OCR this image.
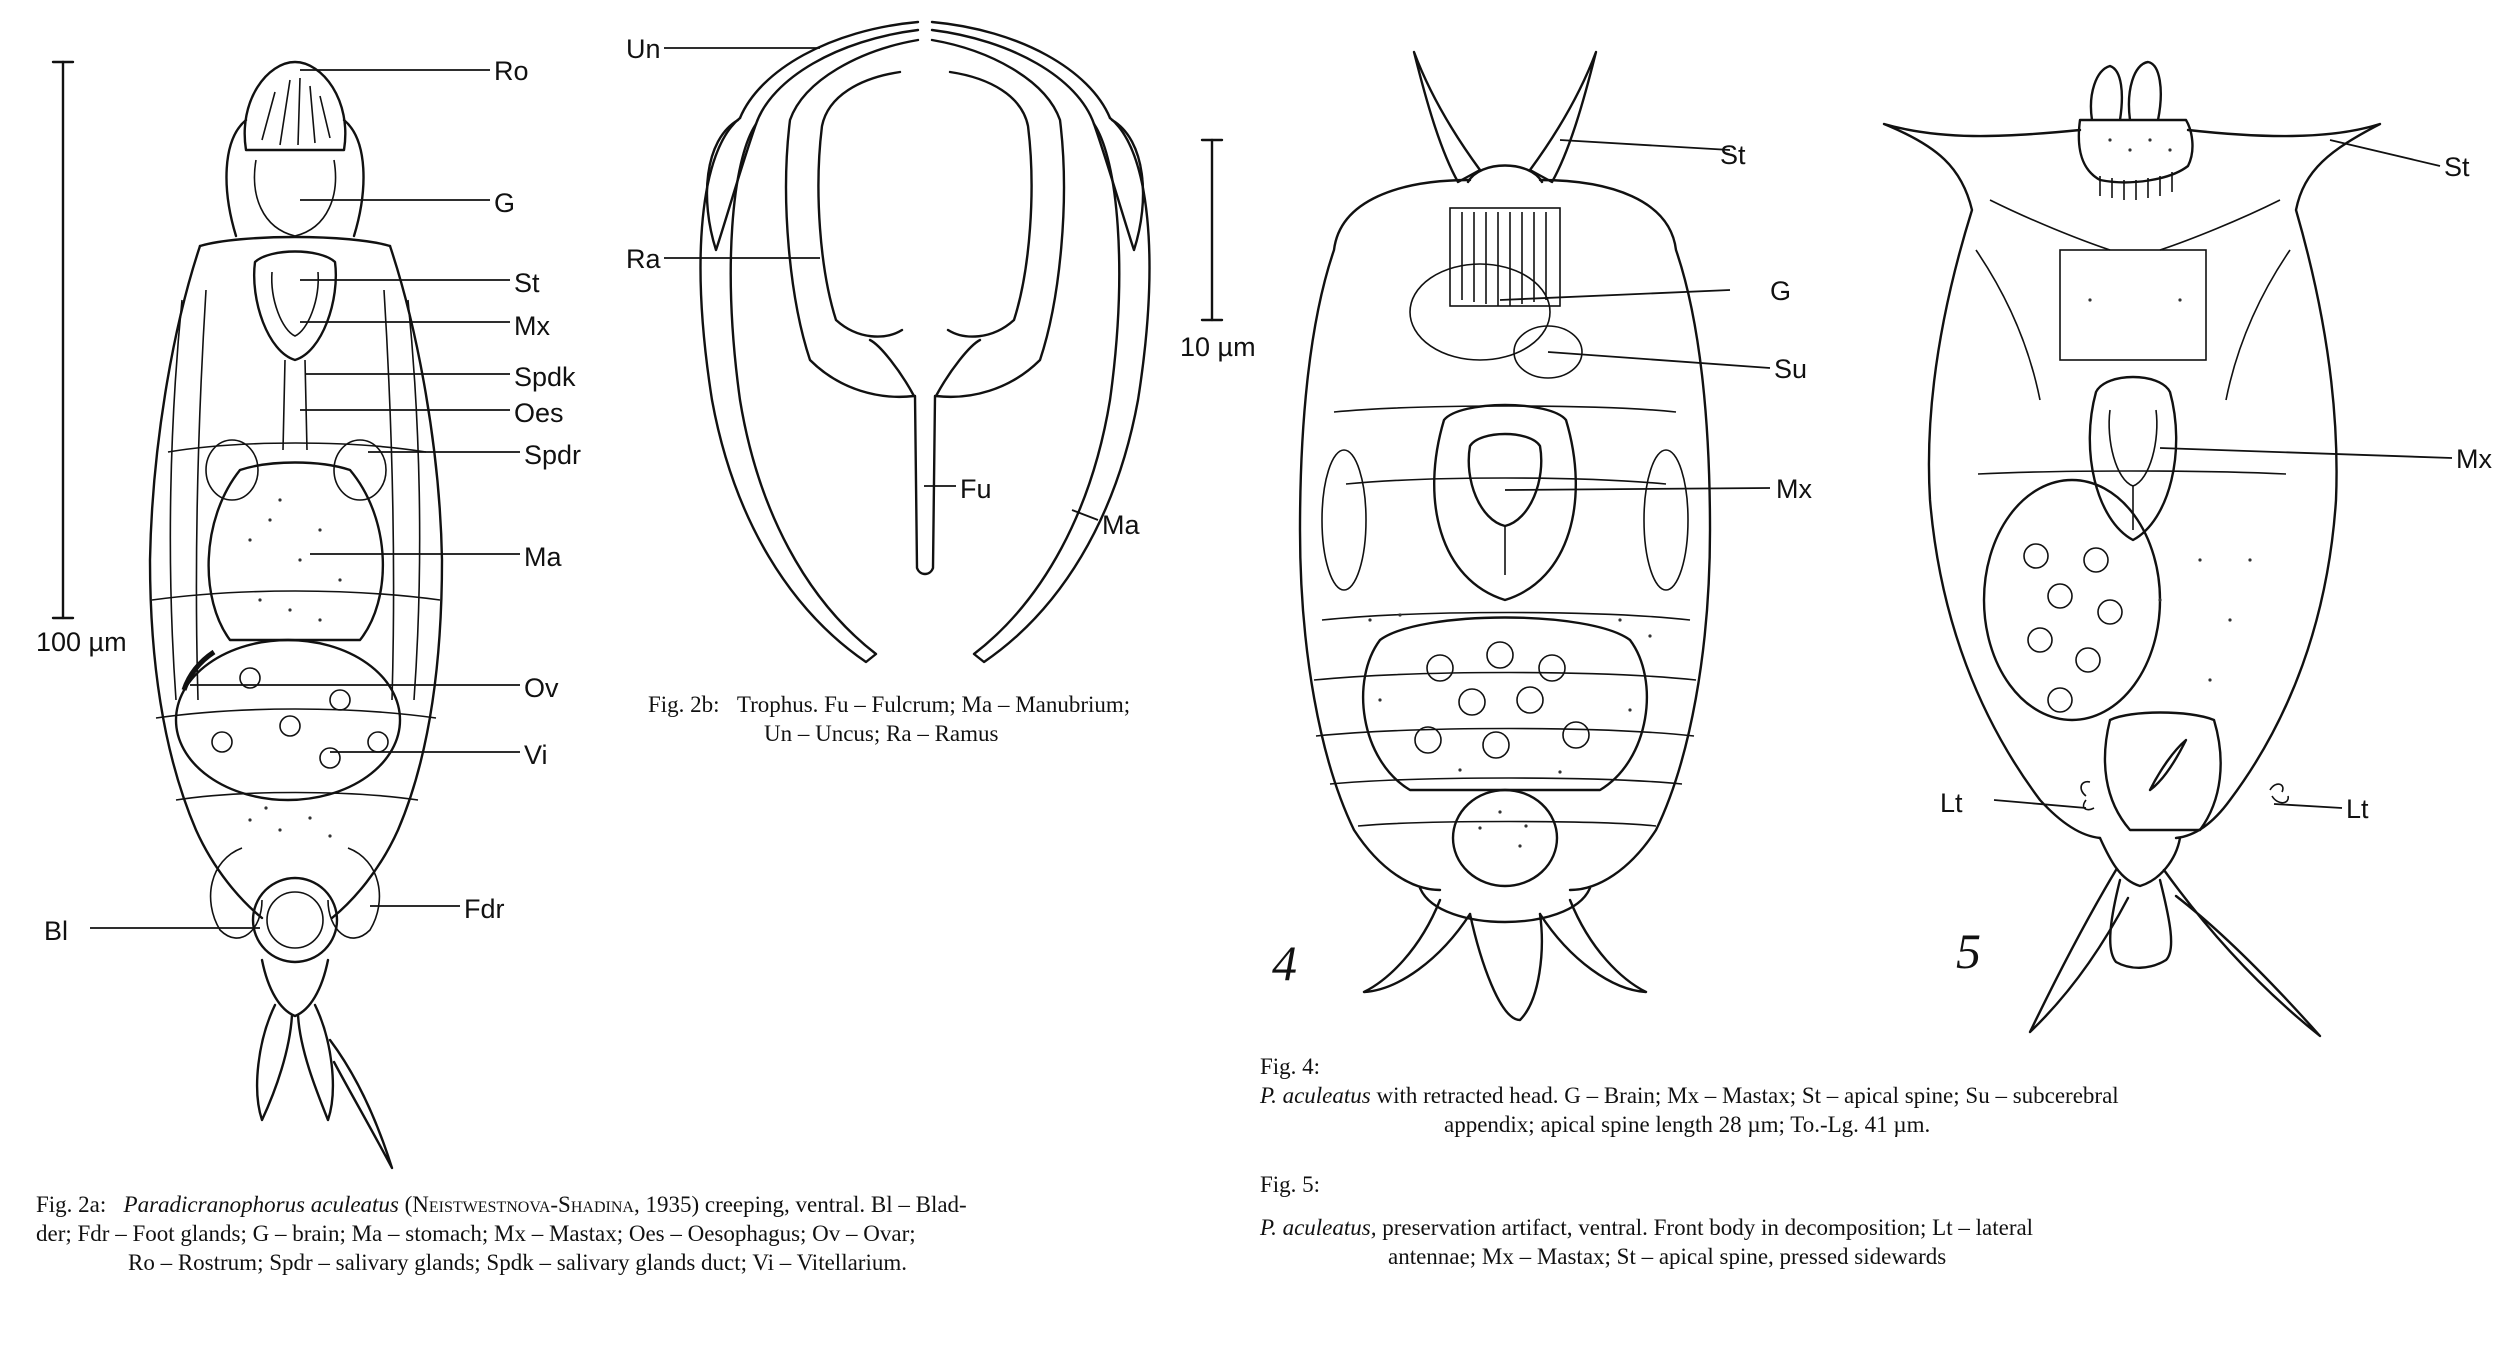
100 µm
Ro
G
St
Mx
Spdk
Oes
Spdr
Ma
Ov
Vi
Fdr
Bl
Un
Ra
Fu
Ma
10 µm
St
G
Su
Mx
4
St
Mx
Lt	Lt
5
Fig. 2b: Trophus. Fu – Fulcrum; Ma – Manubrium;
Un – Uncus; Ra – Ramus
Fig. 2a: Paradicranophorus aculeatus (Neistwestnova-Shadina, 1935) creeping, ventral. Bl – Blad-
der; Fdr – Foot glands; G – brain; Ma – stomach; Mx – Mastax; Oes – Oesophagus; Ov – Ovar;
Ro – Rostrum; Spdr – salivary glands; Spdk – salivary glands duct; Vi – Vitellarium.
Fig. 4:
P. aculeatus with retracted head. G – Brain; Mx – Mastax; St – apical spine; Su – subcerebral
appendix; apical spine length 28 µm; To.-Lg. 41 µm.
Fig. 5:
P. aculeatus, preservation artifact, ventral. Front body in decomposition; Lt – lateral
antennae; Mx – Mastax; St – apical spine, pressed sidewards
